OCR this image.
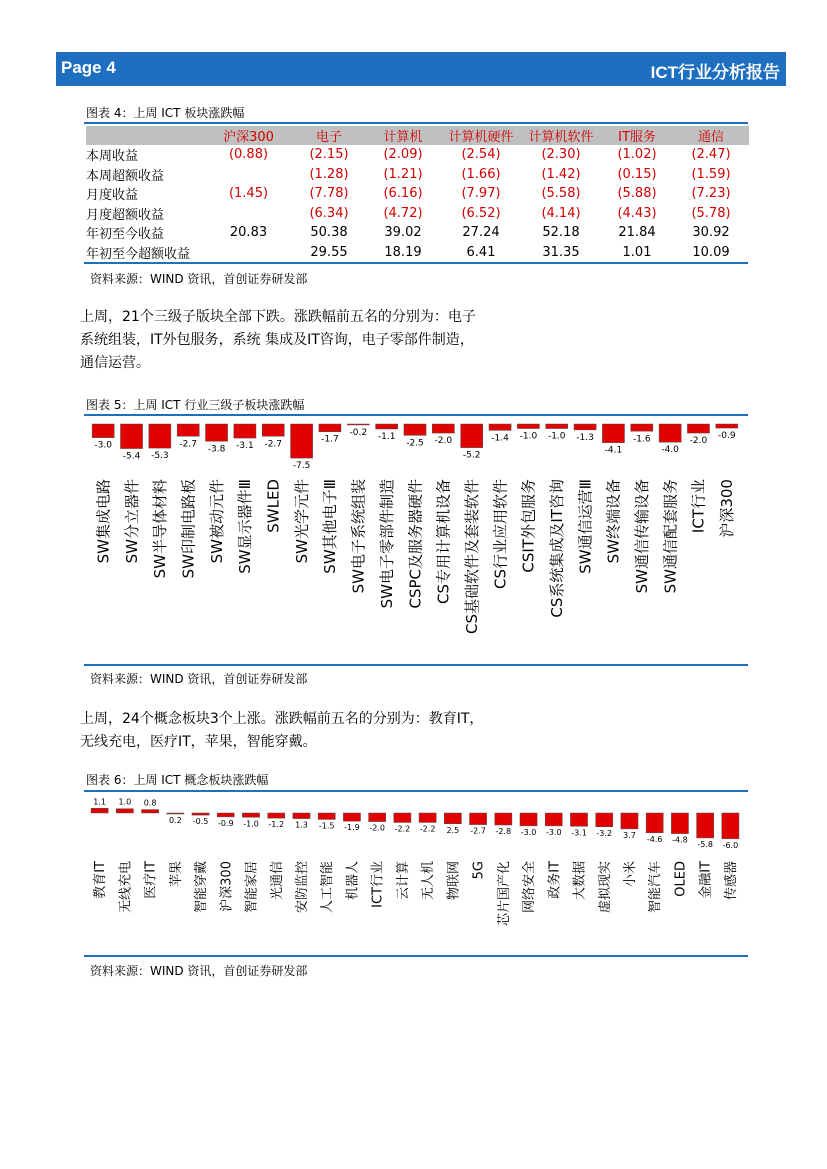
Page 4	ICT行业分析报告
图表 4：上周 ICT 板块涨跌幅
	沪深300	电子	计算机	计算机硬件	计算机软件	IT服务	通信
本周收益	(0.88)	(2.15)	(2.09)	(2.54)	(2.30)	(1.02)	(2.47)
本周超额收益		(1.28)	(1.21)	(1.66)	(1.42)	(0.15)	(1.59)
月度收益	(1.45)	(7.78)	(6.16)	(7.97)	(5.58)	(5.88)	(7.23)
月度超额收益		(6.34)	(4.72)	(6.52)	(4.14)	(4.43)	(5.78)
年初至今收益	20.83	50.38	39.02	27.24	52.18	21.84	30.92
年初至今超额收益		29.55	18.19	6.41	31.35	1.01	10.09
资料来源：WIND 资讯，首创证券研发部
上周，21个三级子版块全部下跌。涨跌幅前五名的分别为：电子
系统组装，IT外包服务，系统 集成及IT咨询，电子零部件制造，
通信运营。
图表 5：上周 ICT 行业三级子板块涨跌幅
-3.0
SW集成电路
-5.4
SW分立器件
-5.3
SW半导体材料
-2.7
SW印制电路板
-3.8
SW被动元件
-3.1
SW显示器件Ⅲ
-2.7
SWLED
-7.5
SW光学元件
-1.7
SW其他电子Ⅲ
-0.2
SW电子系统组装
-1.1
SW电子零部件制造
-2.5
CSPC及服务器硬件
-2.0
CS专用计算机设备
-5.2
CS基础软件及套装软件
-1.4
CS行业应用软件
-1.0
CSIT外包服务
-1.0
CS系统集成及IT咨询
-1.3
SW通信运营Ⅲ
-4.1
SW终端设备
-1.6
SW通信传输设备
-4.0
SW通信配套服务
-2.0
ICT行业
-0.9
沪深300
资料来源：WIND 资讯，首创证券研发部
上周，24个概念板块3个上涨。涨跌幅前五名的分别为：教育IT，
无线充电，医疗IT，苹果，智能穿戴。
图表 6：上周 ICT 概念板块涨跌幅
1.1
教育IT
1.0
无线充电
0.8
医疗IT
0.2
苹果
-0.5
智能穿戴
-0.9
沪深300
-1.0
智能家居
-1.2
光通信
1.3
安防监控
-1.5
人工智能
-1.9
机器人
-2.0
ICT行业
-2.2
云计算
-2.2
无人机
2.5
物联网
-2.7
5G
-2.8
芯片国产化
-3.0
网络安全
-3.0
政务IT
-3.1
大数据
-3.2
虚拟现实
3.7
小米
-4.6
智能汽车
-4.8
OLED
-5.8
金融IT
-6.0
传感器
资料来源：WIND 资讯，首创证券研发部
